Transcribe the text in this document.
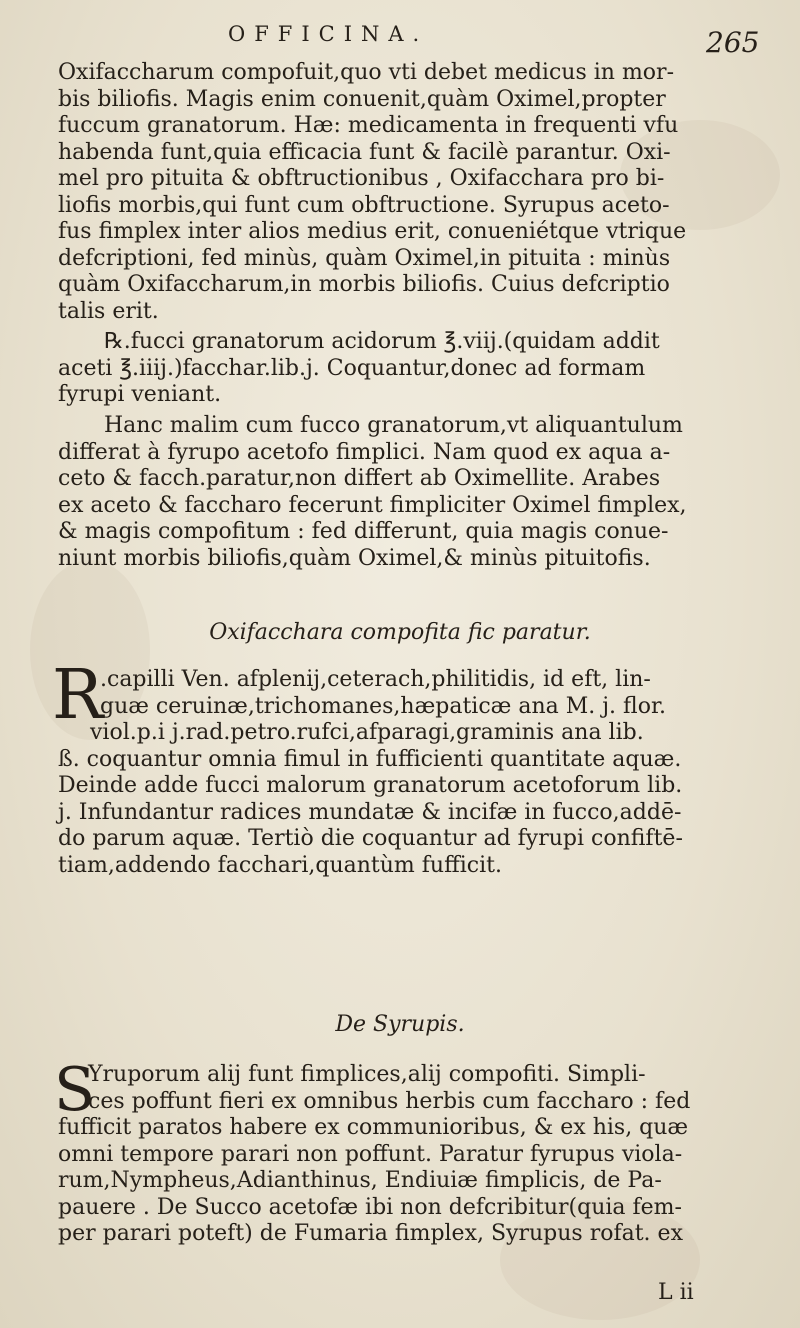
OFFICINA.	265
Oxifaccharum compofuit,quo vti debet medicus in mor-
bis biliofis. Magis enim conuenit,quàm Oximel,propter
fuccum granatorum. Hæ: medicamenta in frequenti vfu
habenda funt,quia efficacia funt & facilè parantur. Oxi-
mel pro pituita & obftructionibus , Oxifacchara pro bi-
liofis morbis,qui funt cum obftructione. Syrupus aceto-
fus fimplex inter alios medius erit, conueniétque vtrique
defcriptioni, fed minùs, quàm Oximel,in pituita : minùs
quàm Oxifaccharum,in morbis biliofis. Cuius defcriptio
talis erit.
℞.fucci granatorum acidorum ℥.viij.(quidam addit
aceti ℥.iiij.)facchar.lib.j. Coquantur,donec ad formam
fyrupi veniant.
Hanc malim cum fucco granatorum,vt aliquantulum
differat à fyrupo acetofo fimplici. Nam quod ex aqua a-
ceto & facch.paratur,non differt ab Oximellite. Arabes
ex aceto & faccharo fecerunt fimpliciter Oximel fimplex,
& magis compofitum : fed differunt, quia magis conue-
niunt morbis biliofis,quàm Oximel,& minùs pituitofis.
Oxifacchara compofita fic paratur.
R
.capilli Ven. afplenij,ceterach,philitidis, id eft, lin-
guæ ceruinæ,trichomanes,hæpaticæ ana M. j. flor.
viol.p.i j.rad.petro.rufci,afparagi,graminis ana lib.
ß. coquantur omnia fimul in fufficienti quantitate aquæ.
Deinde adde fucci malorum granatorum acetoforum lib.
j. Infundantur radices mundatæ & incifæ in fucco,addē-
do parum aquæ. Tertiò die coquantur ad fyrupi confiftē-
tiam,addendo facchari,quantùm fufficit.
De Syrupis.
S
Yruporum alij funt fimplices,alij compofiti. Simpli-
ces poffunt fieri ex omnibus herbis cum faccharo : fed
fufficit paratos habere ex communioribus, & ex his, quæ
omni tempore parari non poffunt. Paratur fyrupus viola-
rum,Nympheus,Adianthinus, Endiuiæ fimplicis, de Pa-
pauere . De Succo acetofæ ibi non defcribitur(quia fem-
per parari poteft) de Fumaria fimplex, Syrupus rofat. ex
L ii
